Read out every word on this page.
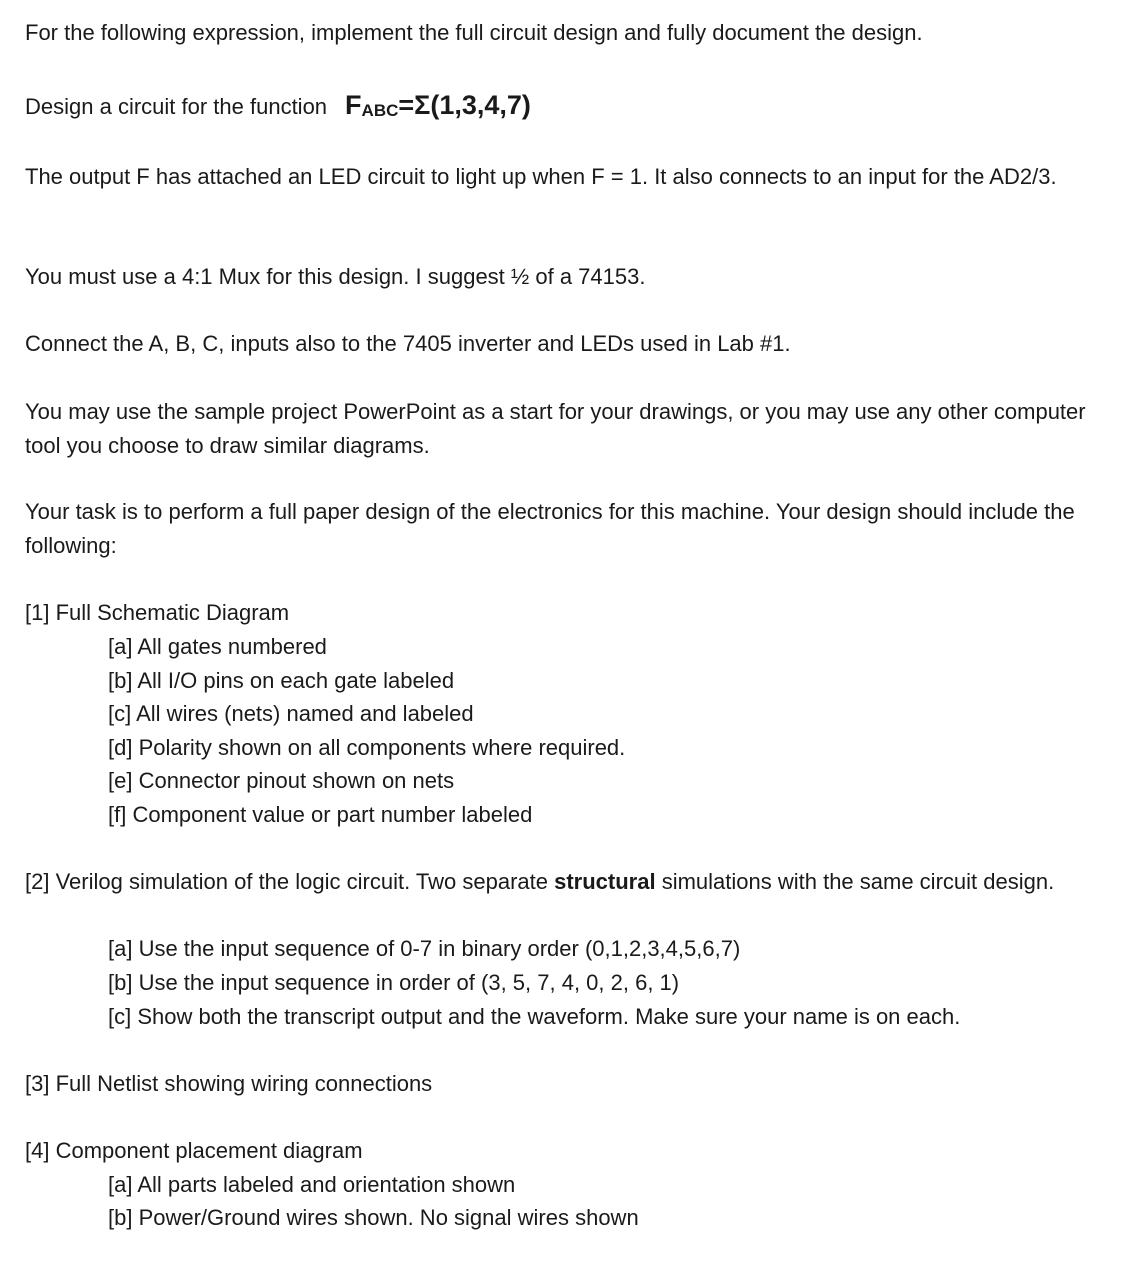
For the following expression, implement the full circuit design and fully document the design.
Design a circuit for the function FABC=Σ(1,3,4,7)
The output F has attached an LED circuit to light up when F = 1. It also connects to an input for the AD2/3.
You must use a 4:1 Mux for this design. I suggest ½ of a 74153.
Connect the A, B, C, inputs also to the 7405 inverter and LEDs used in Lab #1.
You may use the sample project PowerPoint as a start for your drawings, or you may use any other computer tool you choose to draw similar diagrams.
Your task is to perform a full paper design of the electronics for this machine. Your design should include the following:
[1] Full Schematic Diagram
[a] All gates numbered
[b] All I/O pins on each gate labeled
[c] All wires (nets) named and labeled
[d] Polarity shown on all components where required.
[e] Connector pinout shown on nets
[f] Component value or part number labeled
[2] Verilog simulation of the logic circuit. Two separate structural simulations with the same circuit design.
[a] Use the input sequence of 0-7 in binary order (0,1,2,3,4,5,6,7)
[b] Use the input sequence in order of (3, 5, 7, 4, 0, 2, 6, 1)
[c] Show both the transcript output and the waveform. Make sure your name is on each.
[3] Full Netlist showing wiring connections
[4] Component placement diagram
[a] All parts labeled and orientation shown
[b] Power/Ground wires shown. No signal wires shown
